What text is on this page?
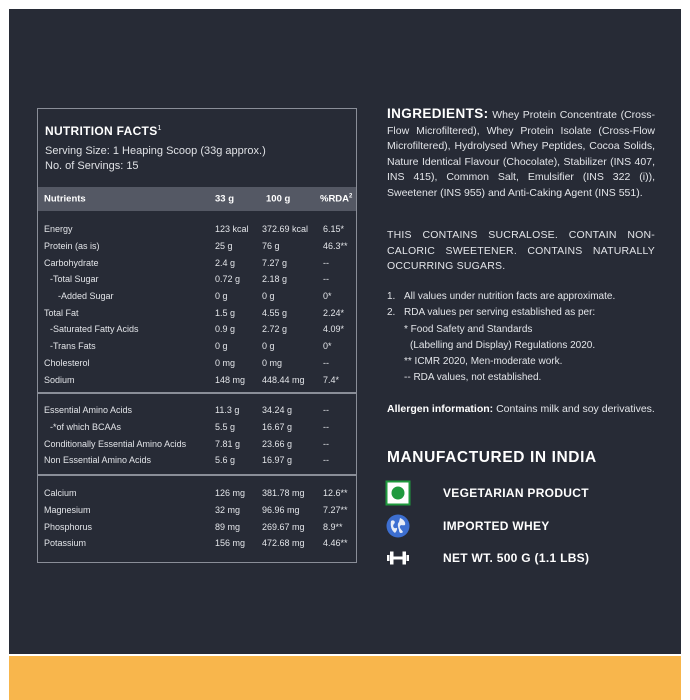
NUTRITION FACTS$^1$
Serving Size: 1 Heaping Scoop (33g approx.)
No. of Servings: 15
Nutrients	33 g	100 g	%RDA$^2$
Energy	123 kcal 372.69 kcal 6.15*
Protein (as is)	25 g	76 g	46.3**
Carbohydrate	2.4 g	7.27 g	--
-Total Sugar	0.72 g 2.18 g	--
-Added Sugar	0 g	0 g	0*
Total Fat	1.5 g	4.55 g	2.24*
-Saturated Fatty Acids	0.9 g	2.72 g	4.09*
-Trans Fats	0 g	0 g	0*
Cholesterol	0 mg	0 mg	--
Sodium	148 mg 448.44 mg 7.4*
Essential Amino Acids	11.3 g	34.24 g	--
-*of which BCAAs	5.5 g	16.67 g	--
Conditionally Essential Amino Acids	7.81 g 23.66 g	--
Non Essential Amino Acids	5.6 g	16.97 g	--
Calcium	126 mg 381.78 mg 12.6**
Magnesium	32 mg 96.96 mg	7.27**
Phosphorus	89 mg 269.67 mg 8.9**
Potassium	156 mg 472.68 mg 4.46**
INGREDIENTS: Whey Protein Concentrate (Cross-Flow Microfiltered), Whey Protein Isolate (Cross-Flow Microfiltered), Hydrolysed Whey Peptides, Cocoa Solids, Nature Identical Flavour (Chocolate), Stabilizer (INS 407, INS 415), Common Salt, Emulsifier (INS 322 (i)), Sweetener (INS 955) and Anti-Caking Agent (INS 551).
THIS CONTAINS SUCRALOSE. CONTAIN NON-CALORIC SWEETENER. CONTAINS NATURALLY OCCURRING SUGARS.
1. All values under nutrition facts are approximate.
2. RDA values per serving established as per:
* Food Safety and Standards
(Labelling and Display) Regulations 2020.
** ICMR 2020, Men-moderate work.
-- RDA values, not established.
Allergen information: Contains milk and soy derivatives.
MANUFACTURED IN INDIA
VEGETARIAN PRODUCT
IMPORTED WHEY
NET WT. 500 G (1.1 LBS)
